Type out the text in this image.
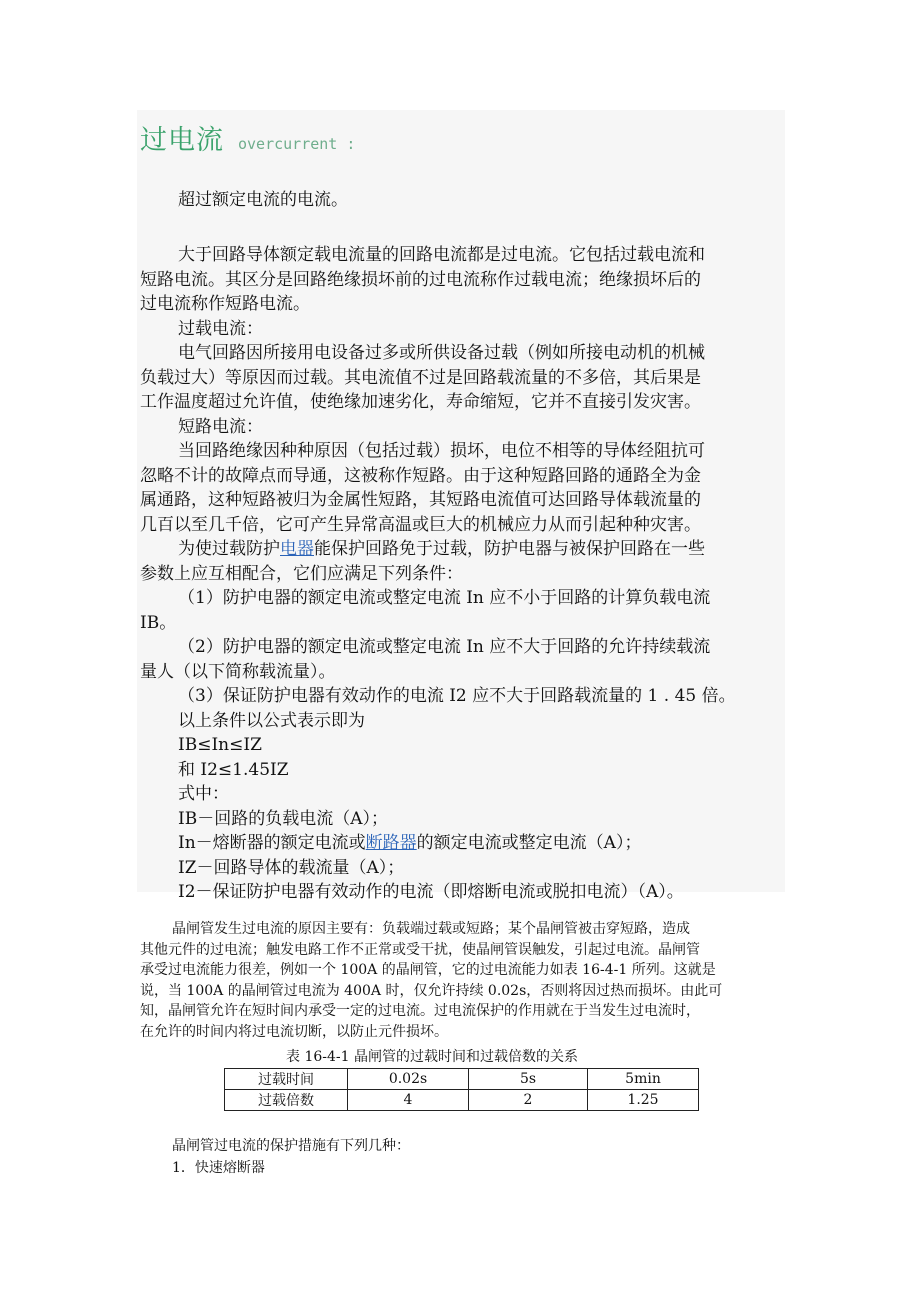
过电流 overcurrent :

超过额定电流的电流。

大于回路导体额定载电流量的回路电流都是过电流。它包括过载电流和

短路电流。其区分是回路绝缘损坏前的过电流称作过载电流；绝缘损坏后的

过电流称作短路电流。

过载电流：

电气回路因所接用电设备过多或所供设备过载（例如所接电动机的机械

负载过大）等原因而过载。其电流值不过是回路载流量的不多倍，其后果是

工作温度超过允许值，使绝缘加速劣化，寿命缩短，它并不直接引发灾害。

短路电流：

当回路绝缘因种种原因（包括过载）损坏，电位不相等的导体经阻抗可

忽略不计的故障点而导通，这被称作短路。由于这种短路回路的通路全为金

属通路，这种短路被归为金属性短路，其短路电流值可达回路导体载流量的

几百以至几千倍，它可产生异常高温或巨大的机械应力从而引起种种灾害。

为使过载防护电器能保护回路免于过载，防护电器与被保护回路在一些

参数上应互相配合，它们应满足下列条件：

（1）防护电器的额定电流或整定电流 In 应不小于回路的计算负载电流

IB。

（2）防护电器的额定电流或整定电流 In 应不大于回路的允许持续载流

量人（以下简称载流量）。

（3）保证防护电器有效动作的电流 I2 应不大于回路载流量的 1 . 45 倍。

以上条件以公式表示即为

IB≤In≤IZ

和 I2≤1.45IZ

式中：

IB－回路的负载电流（A）；

In－熔断器的额定电流或断路器的额定电流或整定电流（A）；

IZ－回路导体的载流量（A）；

I2－保证防护电器有效动作的电流（即熔断电流或脱扣电流）（A）。

晶闸管发生过电流的原因主要有：负载端过载或短路；某个晶闸管被击穿短路，造成

其他元件的过电流；触发电路工作不正常或受干扰，使晶闸管误触发，引起过电流。晶闸管

承受过电流能力很差，例如一个 100A 的晶闸管，它的过电流能力如表 16-4-1 所列。这就是

说，当 100A 的晶闸管过电流为 400A 时，仅允许持续 0.02s，否则将因过热而损坏。由此可

知，晶闸管允许在短时间内承受一定的过电流。过电流保护的作用就在于当发生过电流时，

在允许的时间内将过电流切断，以防止元件损坏。

表 16-4-1 晶闸管的过载时间和过载倍数的关系
过载时间	0.02s	5s	5min
过载倍数	4	2	1.25
晶闸管过电流的保护措施有下列几种：
1．快速熔断器
